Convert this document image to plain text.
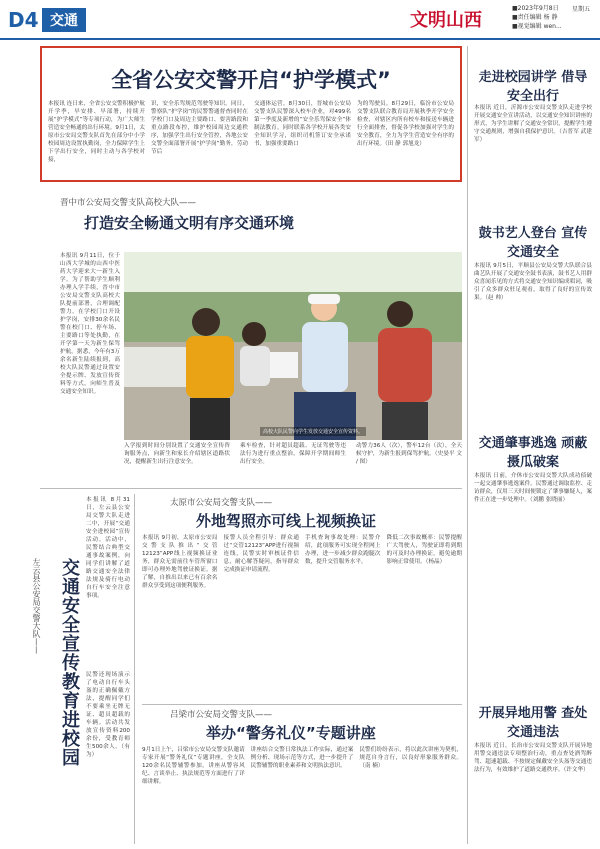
D4 交通	文明山西
■2023年9月8日
■责任编辑 杨 静
■视觉编辑 wen...
星期五
全省公安交警开启“护学模式”
本报讯 连日来，全省公安交警积极护航开学季，早安排、早部署，持续开展“护学模式”等专项行动，为广大师生营造安全畅通的出行环境。9月1日，太原市公安局交警支队首先在部分中小学校园周边设置执勤岗，全力保障学生上下学出行安全，同时主动与各学校对接，
识，安全乐驾规范驾驶等知识。同日，警察队“护学岗”的民警警通督查同时在学校门口及周边主要路口、要害路段和重点路段布控，维护校园周边交通秩序，加强学生出行安全管控，各地公安交警全面部署开展“护学岗”勤务，劳动节后
交通体运营。8月30日，晋城市公安局交警支队民警深入校车企业，对499名第一季度及新增的“安全乐驾保安全”体制法教育。同时联系各学校开展各类安全知识学习，组织司机签订安全承诺书，加强重要路口
为的驾驶员。8月29日，临汾市公安局交警支队联合教育局开展秋季开学安全检查，对辖区内所有校车和接送车辆进行全面排查，督促各学校加强对学生的安全教育，全力为学生营造安全有序的出行环境。（田 静 郭旭龙）
晋中市公安局交警支队高校大队——
打造安全畅通文明有序交通环境
本报讯 9月11日，位于山西大学城的山西中医药大学迎来大一新生入学。为了帮助学生顺利办理入学手续，晋中市公安局交警支队高校大队提前部署，合理调配警力，在学校门口开设护学岗，安排30余名民警在校门口、停车场、主要路口等处执勤，在开学第一天为新生保驾护航。据悉，今年有3万余名新生陆续报到，高校大队民警通过设置安全提示牌、发放宣传资料等方式，向师生普及交通安全知识。
高校大队民警向学生发放交通安全宣传资料。
入学报到时间分别设置了交通安全宣传咨询服务点，向新生和家长介绍辖区道路状况，提醒新生出行注意安全。
乘车检查，针对超员超载、无证驾驶等违法行为进行重点整治，保障开学期间师生出行安全。
动警力36人（次），警车12台（次），全天候守护，为新生报到保驾护航。（史晏平 文 / 图）
左云县公安局交警大队——	交通安全宣传教育进校园
本报讯 8月31日，左云县公安局交警大队走进二中，开展“交通安全进校园”宣传活动。活动中，民警结合典型交通事故案例，向同学们讲解了道路交通安全法律法规及骑行电动自行车安全注意事项。
民警还现场演示了电动自行车头盔的正确佩戴方法，提醒同学们不要乘坐无牌无证、超员超载的车辆。活动共发放宣传资料200余份，受教育师生500余人。（有为）
太原市公安局交警支队——
外地驾照亦可线上视频换证
本报讯 9月初，太原市公安局交警支队推出“交管12123”APP线上视频换证业务，群众无需前往车管所窗口即可办理外地驾驶证换证。据了解，自推出以来已有百余名群众享受到这项便利服务。
接警人员全程引导：群众通过“交管12123”APP进行视频连线，民警实时审核证件信息，耐心解答疑问，指导群众完成换证申请流程。
手机查询事故处理：民警介绍，此项服务可实现全程网上办理，进一步减少群众跑腿次数，提升交管服务水平。
降低二次事故概率：民警提醒广大驾驶人，驾驶证即将到期的可及时办理换证，避免逾期影响正常使用。（杨晶）
吕梁市公安局交警支队——
举办“警务礼仪”专题讲座
9月1日上午，吕梁市公安局交警支队邀请专家开展“警务礼仪”专题讲座，全支队120余名民警辅警参加。讲座从警容风纪、言谈举止、执法规范等方面进行了详细讲解。
讲座结合交警日常执法工作实际，通过案例分析、现场示范等方式，进一步提升了民警辅警的职业素养和文明执法意识。
民警们纷纷表示，将以此次讲座为契机，规范自身言行，以良好形象服务群众。（南 楠）
走进校园讲学 借导安全出行
本报讯 近日，沂源市公安局交警支队走进学校开展交通安全宣讲活动，以交通安全知识讲座的形式，为学生讲解了交通安全常识，提醒学生遵守交通规则，增强自我保护意识。（吉普军 武建军）
鼓书艺人登台 宣传交通安全
本报讯 9月5日，平顺县公安局交警大队联合县曲艺队开展了交通安全鼓书表演，鼓书艺人用群众喜闻乐见的方式将交通安全知识编成唱词，吸引了众多群众驻足观看，取得了良好的宣传效果。（赵 帅）
交通肇事逃逸 顽蔽摄瓜破案
本报讯 日前，介休市公安局交警大队成功侦破一起交通肇事逃逸案件。民警通过调取监控、走访群众，仅用三天时间便锁定了肇事嫌疑人，案件正在进一步处理中。（刘鹏 张晓丽）
开展异地用警 查处交通违法
本报讯 近日，长治市公安局交警支队开展异地用警交通违法专项整治行动，重点查处酒驾醉驾、超速超载、不按规定佩戴安全头盔等交通违法行为，有效维护了道路交通秩序。（许文华）
